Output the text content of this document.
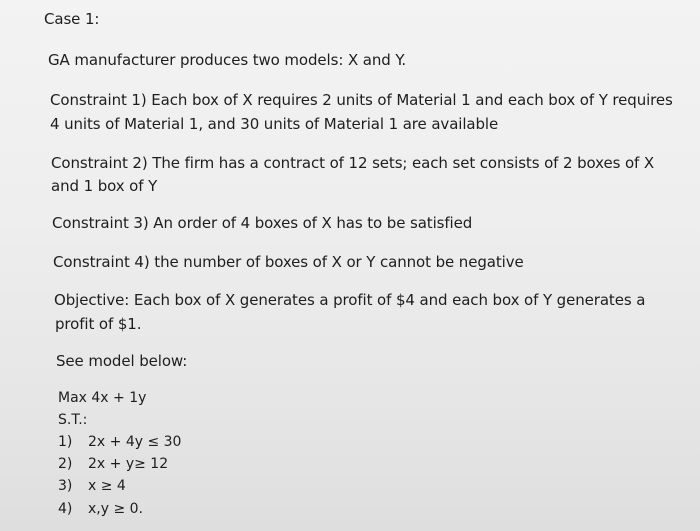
Case 1:
GA manufacturer produces two models: X and Y.
Constraint 1) Each box of X requires 2 units of Material 1 and each box of Y requires
4 units of Material 1, and 30 units of Material 1 are available
Constraint 2) The firm has a contract of 12 sets; each set consists of 2 boxes of X
and 1 box of Y
Constraint 3) An order of 4 boxes of X has to be satisfied
Constraint 4) the number of boxes of X or Y cannot be negative
Objective: Each box of X generates a profit of $4 and each box of Y generates a
profit of $1.
See model below:
Max 4x + 1y
S.T.:
1) 2x + 4y ≤ 30
2) 2x + y≥ 12
3) x ≥ 4
4) x,y ≥ 0.
